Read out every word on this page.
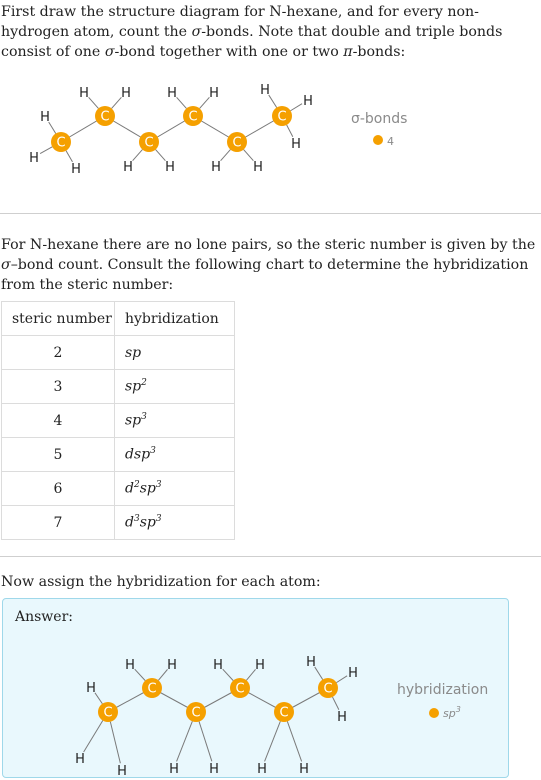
First draw the structure diagram for N-hexane, and for every non-hydrogen atom, count the σ-bonds. Note that double and triple bonds consist of one σ-bond together with one or two π-bonds:

C
C
C
C
C
C
H
H
H
H H
H H
H H
H H
H
H
H
σ-bonds
4

For N-hexane there are no lone pairs, so the steric number is given by the σ–bond count. Consult the following chart to determine the hybridization from the steric number:

steric number	hybridization
2	sp
3	$sp^2$
4	$sp^3$
5	dsp$^3$
6	$d^2sp^3$
7	$d^3sp^3$

Now assign the hybridization for each atom:

Answer:
C
C
C
C
C
C
H
H
H
H H
H H
H H
H H
H
H
H
hybridization
$sp^3$
